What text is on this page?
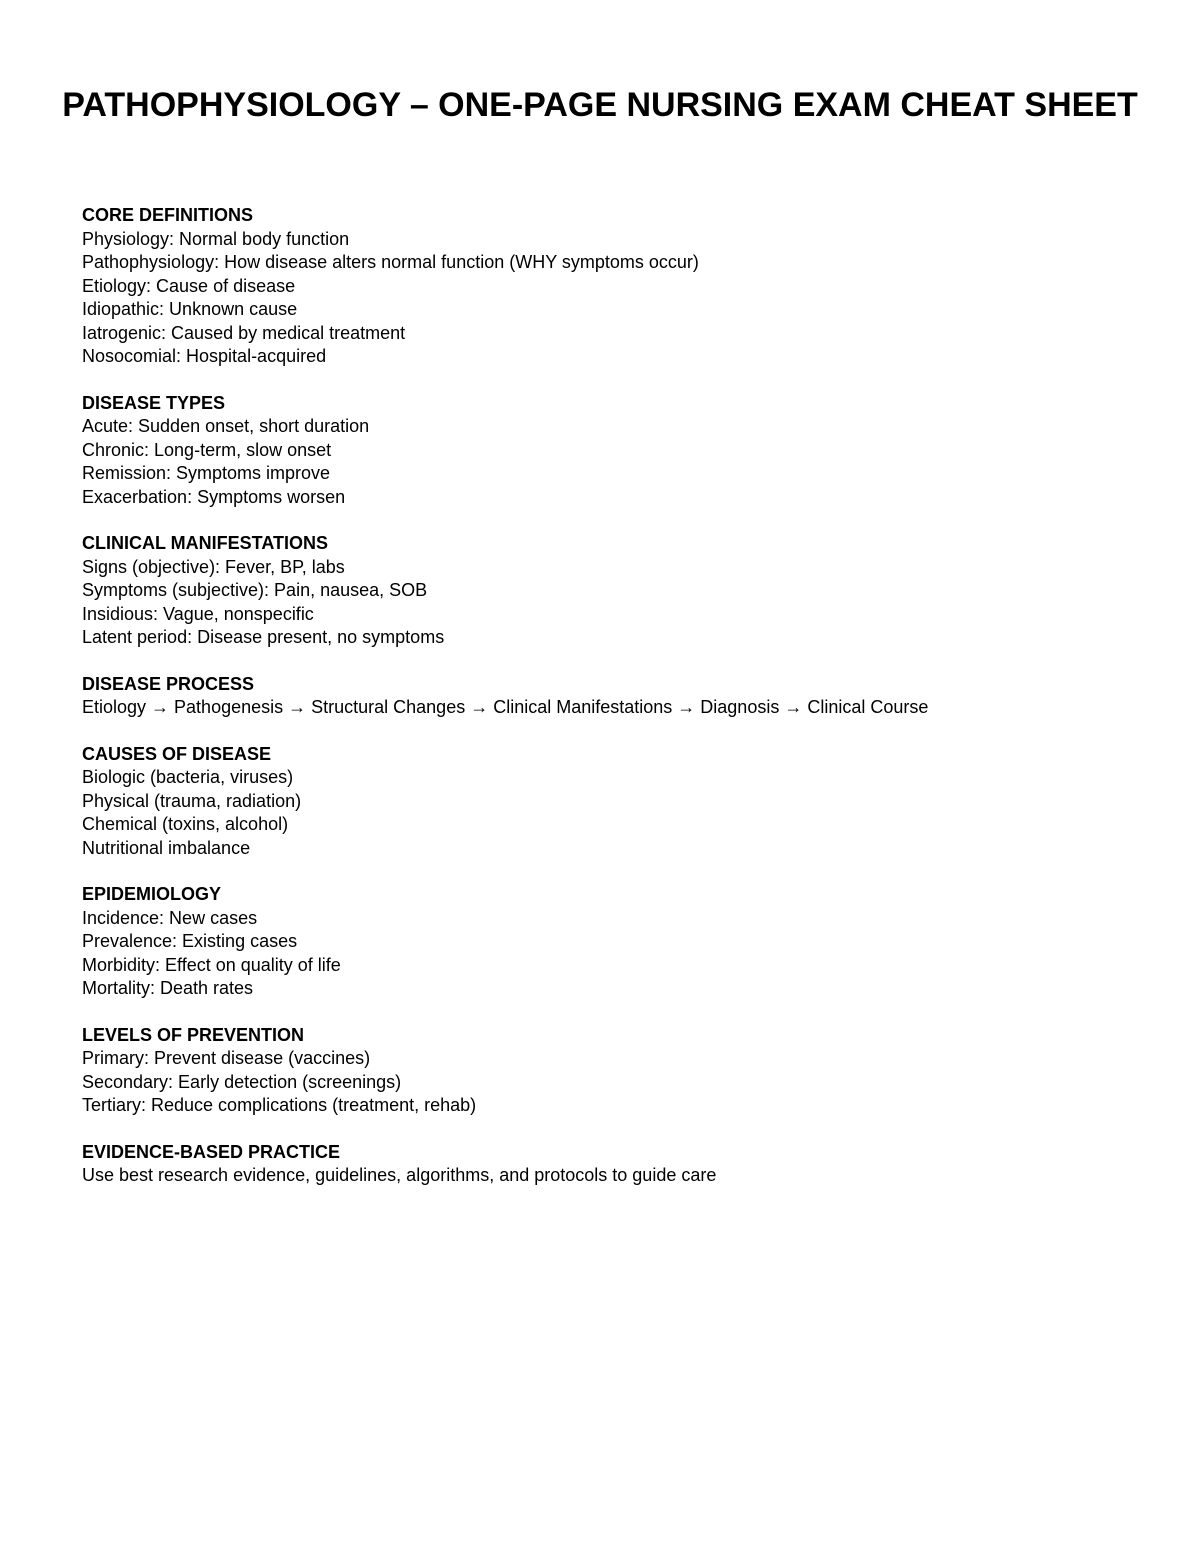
PATHOPHYSIOLOGY – ONE-PAGE NURSING EXAM CHEAT SHEET

CORE DEFINITIONS

Physiology: Normal body function

Pathophysiology: How disease alters normal function (WHY symptoms occur)

Etiology: Cause of disease

Idiopathic: Unknown cause

Iatrogenic: Caused by medical treatment

Nosocomial: Hospital-acquired

DISEASE TYPES

Acute: Sudden onset, short duration

Chronic: Long-term, slow onset

Remission: Symptoms improve

Exacerbation: Symptoms worsen

CLINICAL MANIFESTATIONS

Signs (objective): Fever, BP, labs

Symptoms (subjective): Pain, nausea, SOB

Insidious: Vague, nonspecific

Latent period: Disease present, no symptoms

DISEASE PROCESS

Etiology → Pathogenesis → Structural Changes → Clinical Manifestations → Diagnosis → Clinical Course

CAUSES OF DISEASE

Biologic (bacteria, viruses)

Physical (trauma, radiation)

Chemical (toxins, alcohol)

Nutritional imbalance

EPIDEMIOLOGY

Incidence: New cases

Prevalence: Existing cases

Morbidity: Effect on quality of life

Mortality: Death rates

LEVELS OF PREVENTION

Primary: Prevent disease (vaccines)

Secondary: Early detection (screenings)

Tertiary: Reduce complications (treatment, rehab)

EVIDENCE-BASED PRACTICE

Use best research evidence, guidelines, algorithms, and protocols to guide care
